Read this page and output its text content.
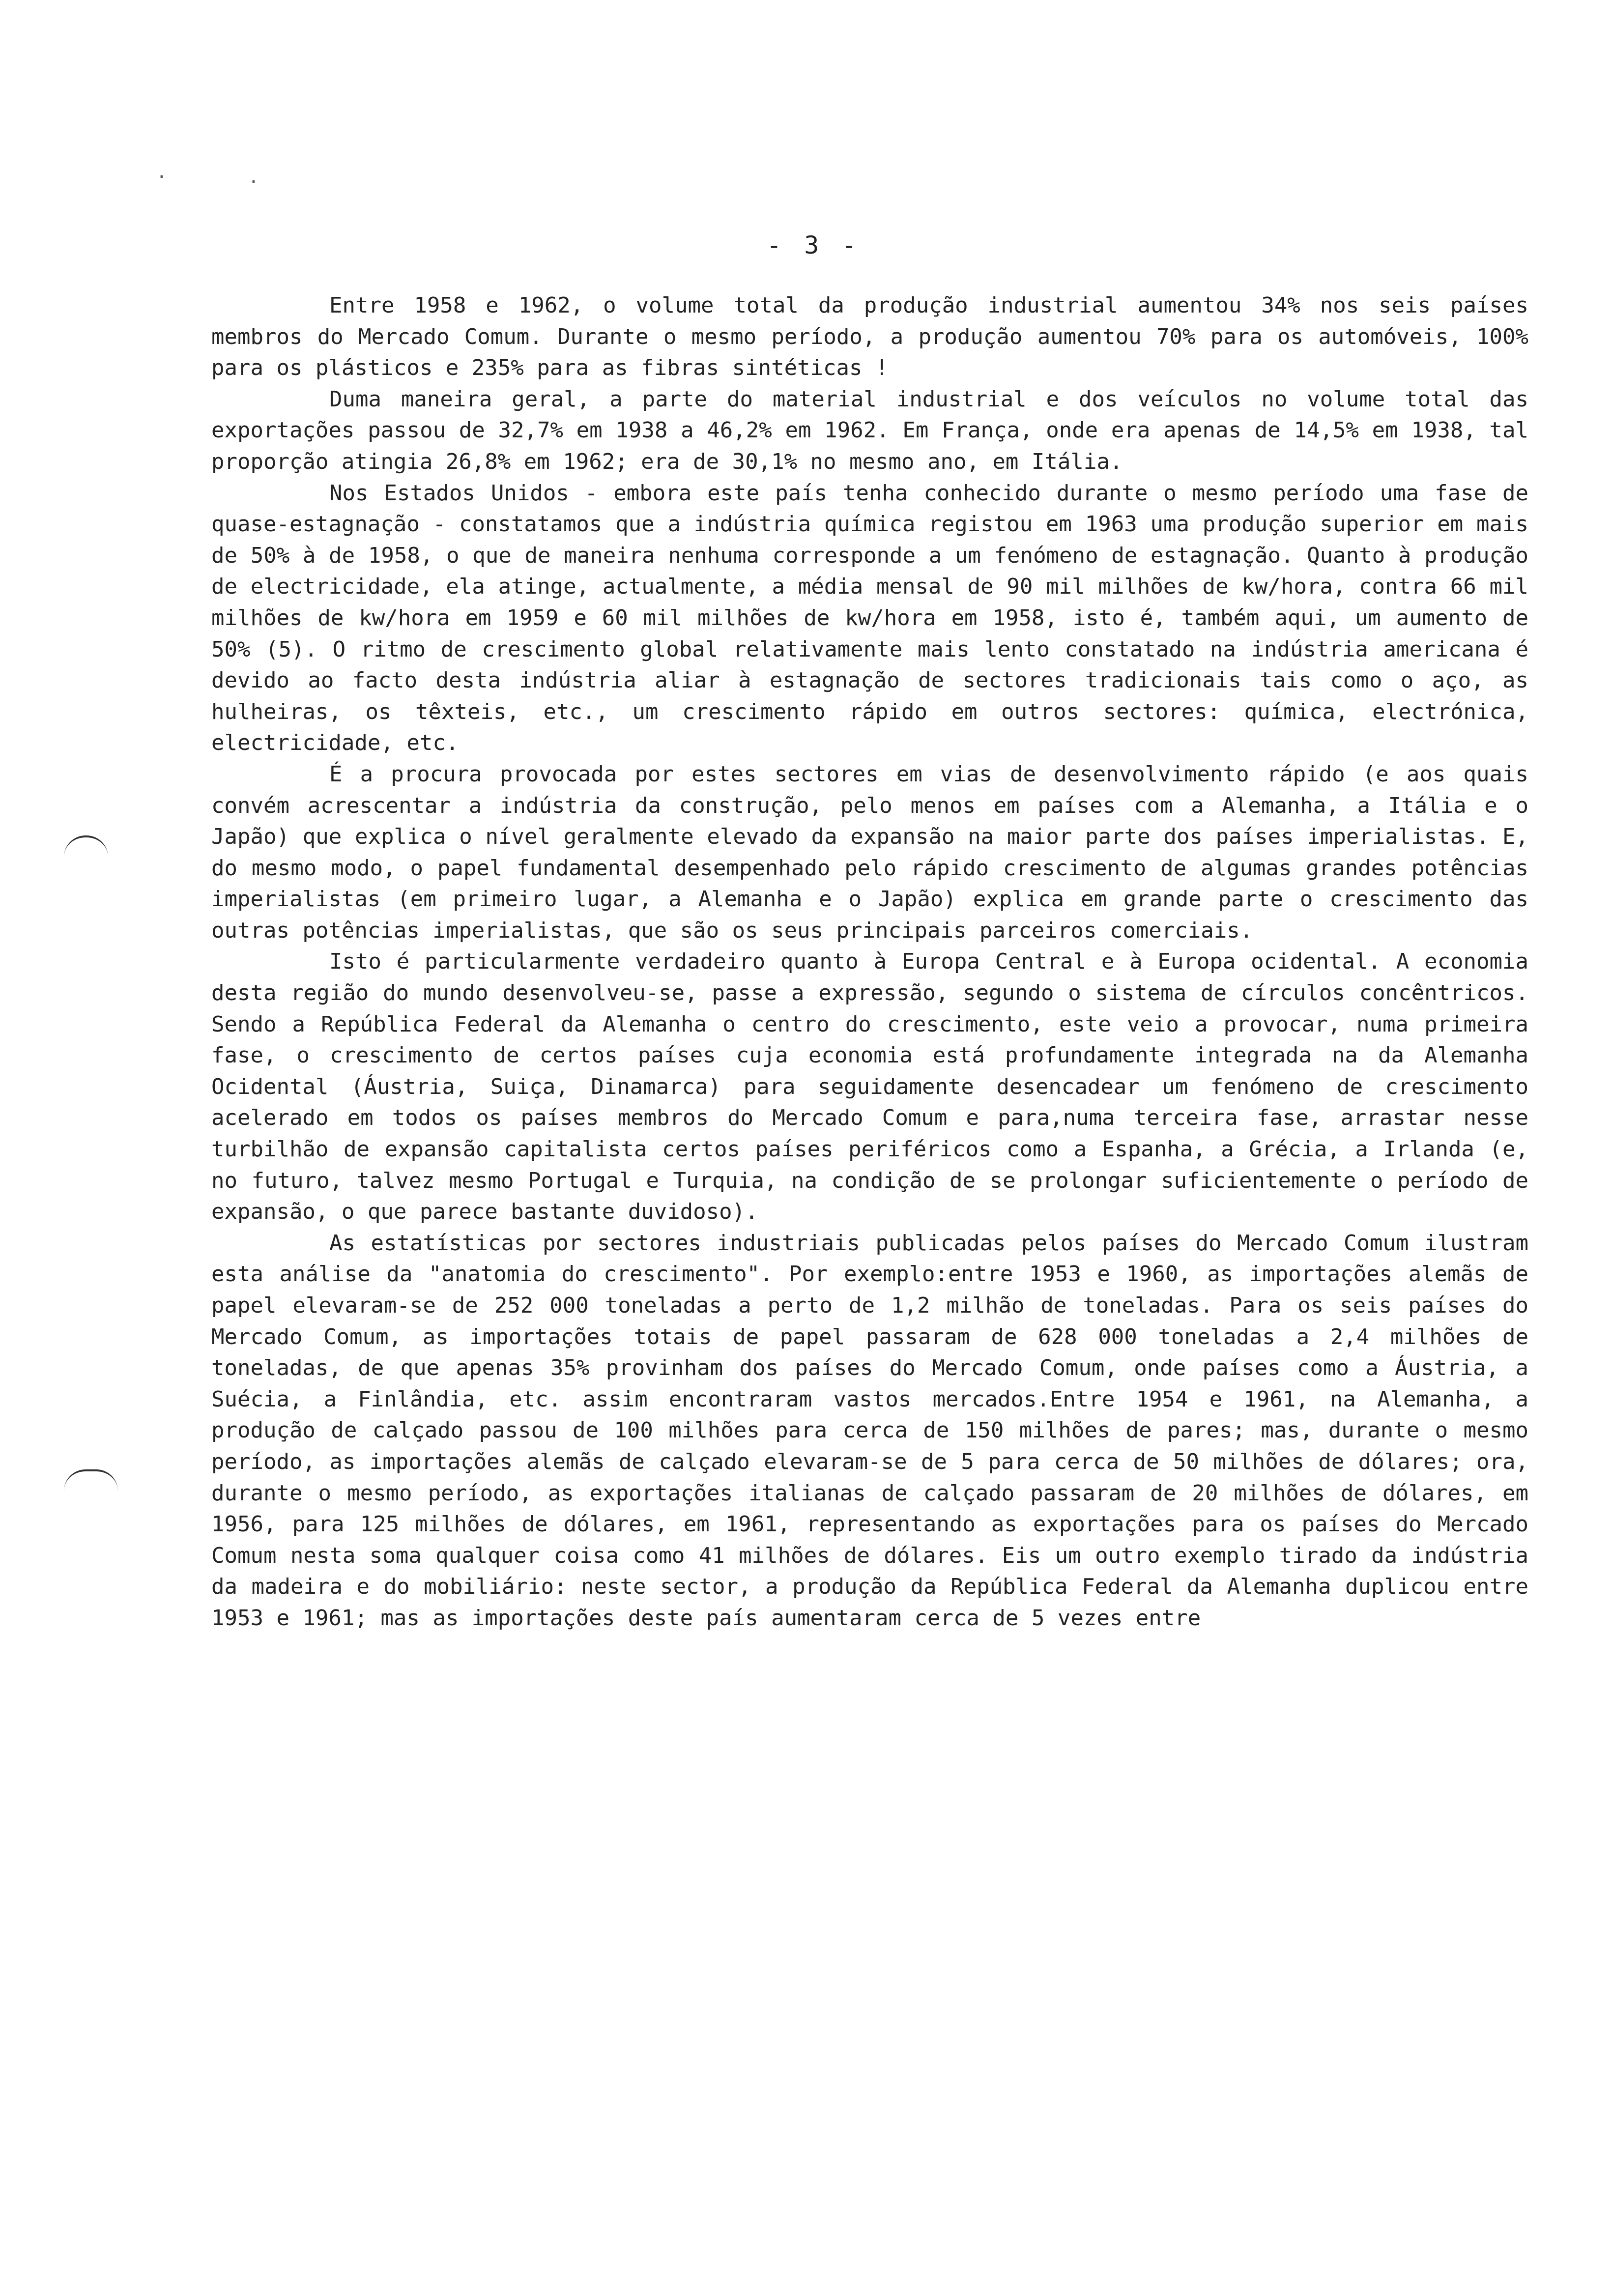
.	.
- 3 -

Entre 1958 e 1962, o volume total da produção industrial aumentou 34% nos seis países membros do Mercado Comum. Durante o mesmo período, a produção aumentou 70% para os automóveis, 100% para os plásticos e 235% para as fibras sintéticas !

Duma maneira geral, a parte do material industrial e dos veículos no volume total das exportações passou de 32,7% em 1938 a 46,2% em 1962. Em França, onde era apenas de 14,5% em 1938, tal proporção atingia 26,8% em 1962; era de 30,1% no mesmo ano, em Itália.

Nos Estados Unidos - embora este país tenha conhecido durante o mesmo período uma fase de quase-estagnação - constatamos que a indústria química registou em 1963 uma produção superior em mais de 50% à de 1958, o que de maneira nenhuma corresponde a um fenómeno de estagnação. Quanto à produção de electricidade, ela atinge, actualmente, a média mensal de 90 mil milhões de kw/hora, contra 66 mil milhões de kw/hora em 1959 e 60 mil milhões de kw/hora em 1958, isto é, também aqui, um aumento de 50% (5). O ritmo de crescimento global relativamente mais lento constatado na indústria americana é devido ao facto desta indústria aliar à estagnação de sectores tradicionais tais como o aço, as hulheiras, os têxteis, etc., um crescimento rápido em outros sectores: química, electrónica, electricidade, etc.

É a procura provocada por estes sectores em vias de desenvolvimento rápido (e aos quais convém acrescentar a indústria da construção, pelo menos em países com a Alemanha, a Itália e o Japão) que explica o nível geralmente elevado da expansão na maior parte dos países imperialistas. E, do mesmo modo, o papel fundamental desempenhado pelo rápido crescimento de algumas grandes potências imperialistas (em primeiro lugar, a Alemanha e o Japão) explica em grande parte o crescimento das outras potências imperialistas, que são os seus principais parceiros comerciais.

Isto é particularmente verdadeiro quanto à Europa Central e à Europa ocidental. A economia desta região do mundo desenvolveu-se, passe a expressão, segundo o sistema de círculos concêntricos. Sendo a República Federal da Alemanha o centro do crescimento, este veio a provocar, numa primeira fase, o crescimento de certos países cuja economia está profundamente integrada na da Alemanha Ocidental (Áustria, Suiça, Dinamarca) para seguidamente desencadear um fenómeno de crescimento acelerado em todos os países membros do Mercado Comum e para,numa terceira fase, arrastar nesse turbilhão de expansão capitalista certos países periféricos como a Espanha, a Grécia, a Irlanda (e, no futuro, talvez mesmo Portugal e Turquia, na condição de se prolongar suficientemente o período de expansão, o que parece bastante duvidoso).

As estatísticas por sectores industriais publicadas pelos países do Mercado Comum ilustram esta análise da "anatomia do crescimento". Por exemplo:entre 1953 e 1960, as importações alemãs de papel elevaram-se de 252 000 toneladas a perto de 1,2 milhão de toneladas. Para os seis países do Mercado Comum, as importações totais de papel passaram de 628 000 toneladas a 2,4 milhões de toneladas, de que apenas 35% provinham dos países do Mercado Comum, onde países como a Áustria, a Suécia, a Finlândia, etc. assim encontraram vastos mercados.Entre 1954 e 1961, na Alemanha, a produção de calçado passou de 100 milhões para cerca de 150 milhões de pares; mas, durante o mesmo período, as importações alemãs de calçado elevaram-se de 5 para cerca de 50 milhões de dólares; ora, durante o mesmo período, as exportações italianas de calçado passaram de 20 milhões de dólares, em 1956, para 125 milhões de dólares, em 1961, representando as exportações para os países do Mercado Comum nesta soma qualquer coisa como 41 milhões de dólares. Eis um outro exemplo tirado da indústria da madeira e do mobiliário: neste sector, a produção da República Federal da Alemanha duplicou entre 1953 e 1961; mas as importações deste país aumentaram cerca de 5 vezes entre
